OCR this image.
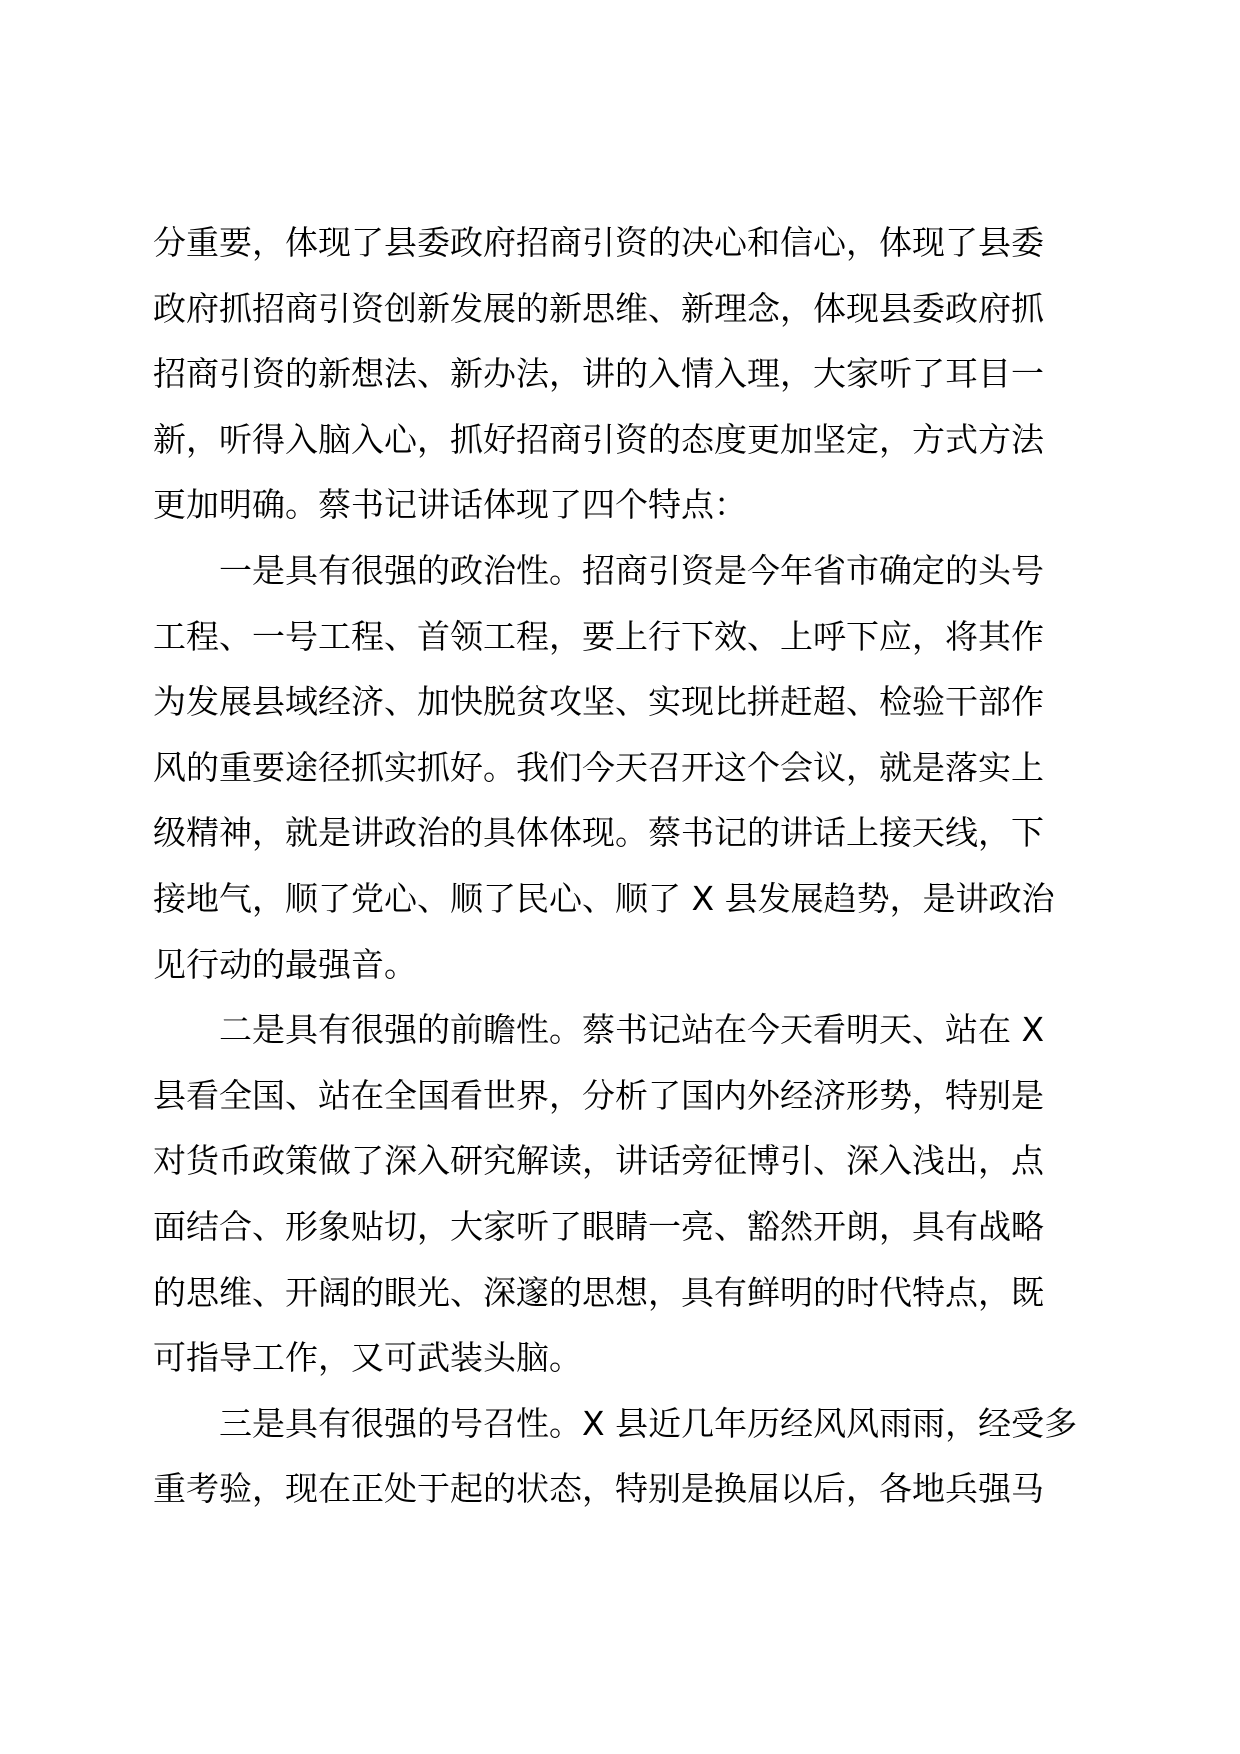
分重要，体现了县委政府招商引资的决心和信心，体现了县委
政府抓招商引资创新发展的新思维、新理念，体现县委政府抓
招商引资的新想法、新办法，讲的入情入理，大家听了耳目一
新，听得入脑入心，抓好招商引资的态度更加坚定，方式方法
更加明确。蔡书记讲话体现了四个特点：
一是具有很强的政治性。招商引资是今年省市确定的头号
工程、一号工程、首领工程，要上行下效、上呼下应，将其作
为发展县域经济、加快脱贫攻坚、实现比拼赶超、检验干部作
风的重要途径抓实抓好。我们今天召开这个会议，就是落实上
级精神，就是讲政治的具体体现。蔡书记的讲话上接天线，下
接地气，顺了党心、顺了民心、顺了 X 县发展趋势，是讲政治
见行动的最强音。
二是具有很强的前瞻性。蔡书记站在今天看明天、站在 X
县看全国、站在全国看世界，分析了国内外经济形势，特别是
对货币政策做了深入研究解读，讲话旁征博引、深入浅出，点
面结合、形象贴切，大家听了眼睛一亮、豁然开朗，具有战略
的思维、开阔的眼光、深邃的思想，具有鲜明的时代特点，既
可指导工作，又可武装头脑。
三是具有很强的号召性。X 县近几年历经风风雨雨，经受多
重考验，现在正处于起的状态，特别是换届以后，各地兵强马
